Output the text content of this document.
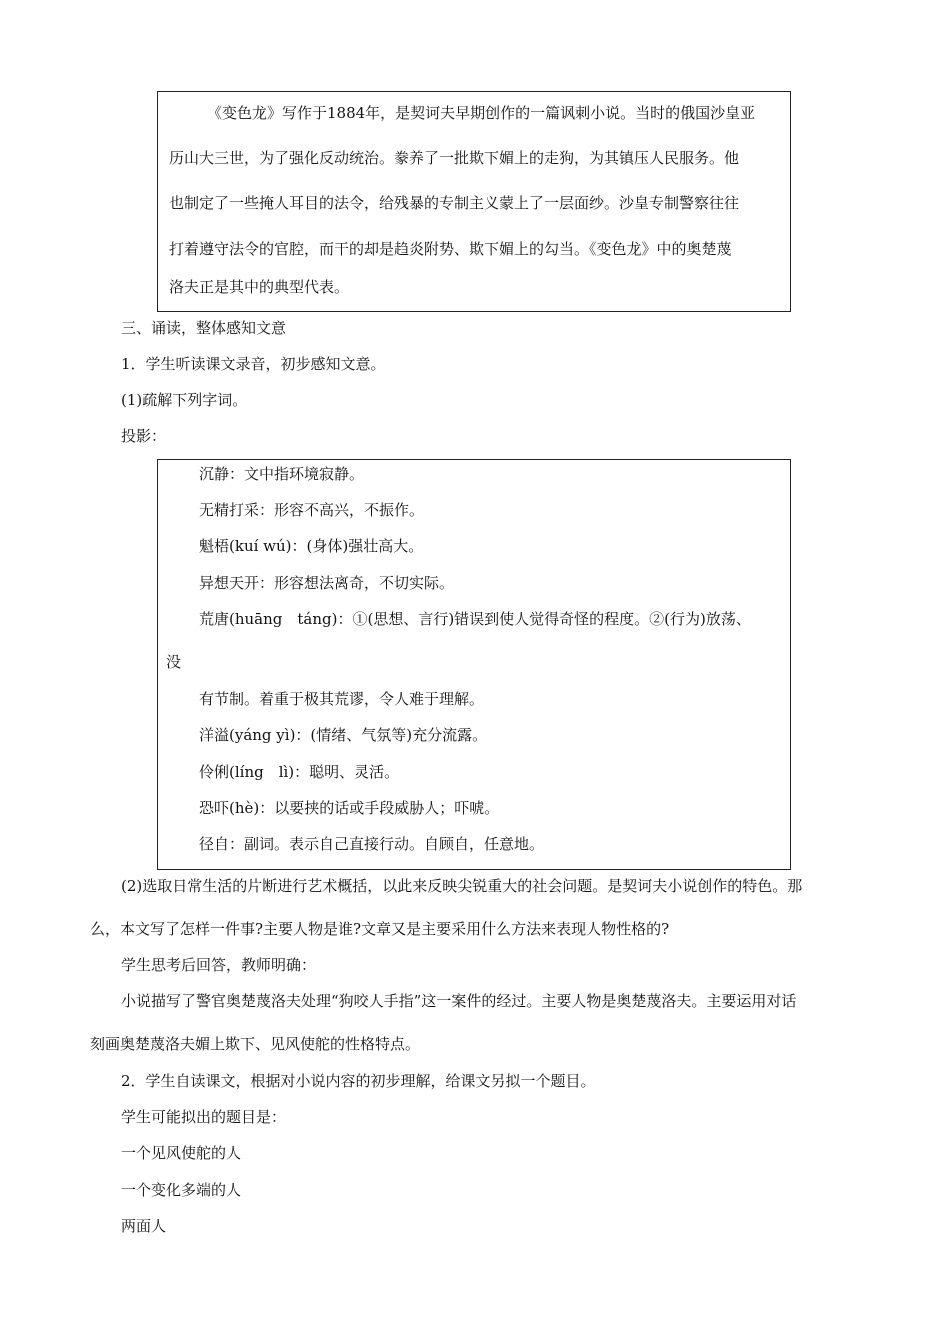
《变色龙》写作于1884年，是契诃夫早期创作的一篇讽刺小说。当时的俄国沙皇亚
历山大三世，为了强化反动统治。豢养了一批欺下媚上的走狗，为其镇压人民服务。他
也制定了一些掩人耳目的法令，给残暴的专制主义蒙上了一层面纱。沙皇专制警察往往
打着遵守法令的官腔，而干的却是趋炎附势、欺下媚上的勾当。《变色龙》中的奥楚蔑
洛夫正是其中的典型代表。
三、诵读，整体感知文意
1．学生听读课文录音，初步感知文意。
(1)疏解下列字词。
投影：
沉静：文中指环境寂静。
无精打采：形容不高兴，不振作。
魁梧(kuí wú)：(身体)强壮高大。
异想天开：形容想法离奇，不切实际。
荒唐(huāng　táng)：①(思想、言行)错误到使人觉得奇怪的程度。②(行为)放荡、
没
有节制。着重于极其荒谬，令人难于理解。
洋溢(yáng yì)：(情绪、气氛等)充分流露。
伶俐(líng　lì)：聪明、灵活。
恐吓(hè)：以要挟的话或手段威胁人；吓唬。
径自：副词。表示自己直接行动。自顾自，任意地。
(2)选取日常生活的片断进行艺术概括，以此来反映尖锐重大的社会问题。是契诃夫小说创作的特色。那
么，本文写了怎样一件事?主要人物是谁?文章又是主要采用什么方法来表现人物性格的?
学生思考后回答，教师明确：
小说描写了警官奥楚蔑洛夫处理“狗咬人手指”这一案件的经过。主要人物是奥楚蔑洛夫。主要运用对话
刻画奥楚蔑洛夫媚上欺下、见风使舵的性格特点。
2．学生自读课文，根据对小说内容的初步理解，给课文另拟一个题目。
学生可能拟出的题目是：
一个见风使舵的人
一个变化多端的人
两面人
